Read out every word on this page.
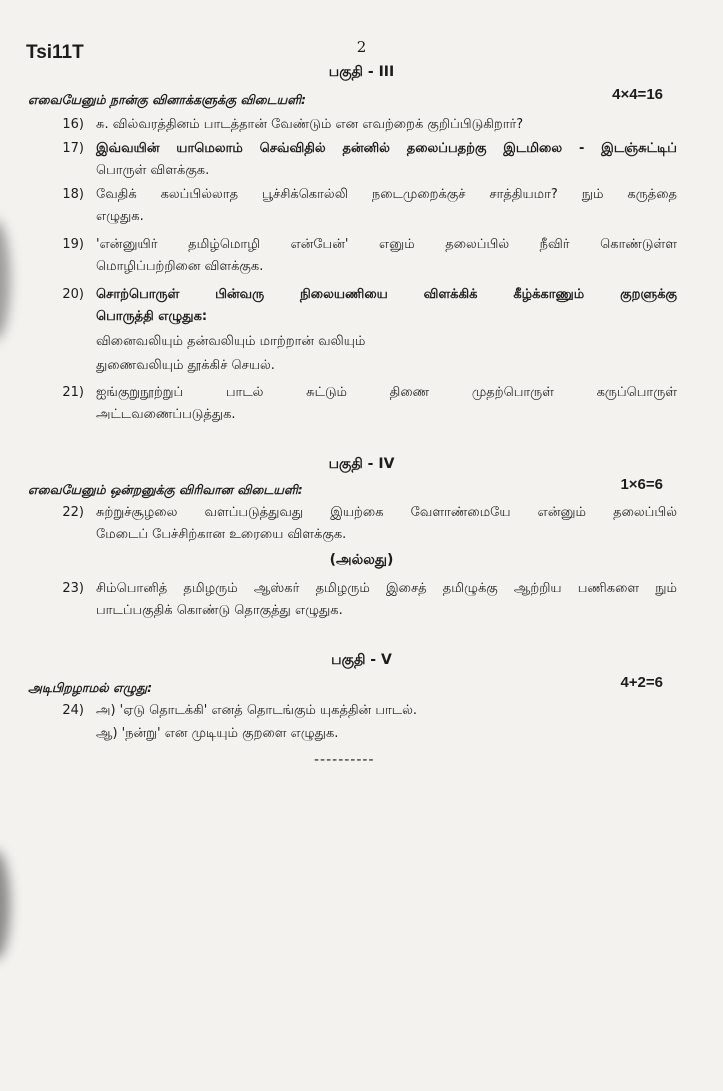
Tsi11T	2
பகுதி - III
எவையேனும் நான்கு வினாக்களுக்கு விடையளி:	4×4=16
16) சு. வில்வரத்தினம் பாடத்தான் வேண்டும் என எவற்றைக் குறிப்பிடுகிறார்?
17) இவ்வயின் யாமெலாம் செவ்விதில் தன்னில் தலைப்பதற்கு இடமிலை - இடஞ்சுட்டிப்
பொருள் விளக்குக.
18) வேதிக் கலப்பில்லாத பூச்சிக்கொல்லி நடைமுறைக்குச் சாத்தியமா? நும் கருத்தை
எழுதுக.
19) 'என்னுயிர் தமிழ்மொழி என்பேன்' எனும் தலைப்பில் நீவிர் கொண்டுள்ள
மொழிப்பற்றினை விளக்குக.
20) சொற்பொருள் பின்வரு நிலையணியை விளக்கிக் கீழ்க்காணும் குறளுக்கு
பொருத்தி எழுதுக:
வினைவலியும் தன்வலியும் மாற்றான் வலியும்
துணைவலியும் தூக்கிச் செயல்.
21) ஐங்குறுநூற்றுப் பாடல் சுட்டும் திணை முதற்பொருள் கருப்பொருள்
அட்டவணைப்படுத்துக.
பகுதி - IV
எவையேனும் ஒன்றனுக்கு விரிவான விடையளி:	1×6=6
22) சுற்றுச்சூழலை வளப்படுத்துவது இயற்கை வேளாண்மையே என்னும் தலைப்பில்
மேடைப் பேச்சிற்கான உரையை விளக்குக.
(அல்லது)
23) சிம்பொனித் தமிழரும் ஆஸ்கர் தமிழரும் இசைத் தமிழுக்கு ஆற்றிய பணிகளை நும்
பாடப்பகுதிக் கொண்டு தொகுத்து எழுதுக.
பகுதி - V
அடிபிறழாமல் எழுது:	4+2=6
24) அ) 'ஏடு தொடக்கி' எனத் தொடங்கும் யுகத்தின் பாடல்.
ஆ) 'நன்று' என முடியும் குறளை எழுதுக.
----------
